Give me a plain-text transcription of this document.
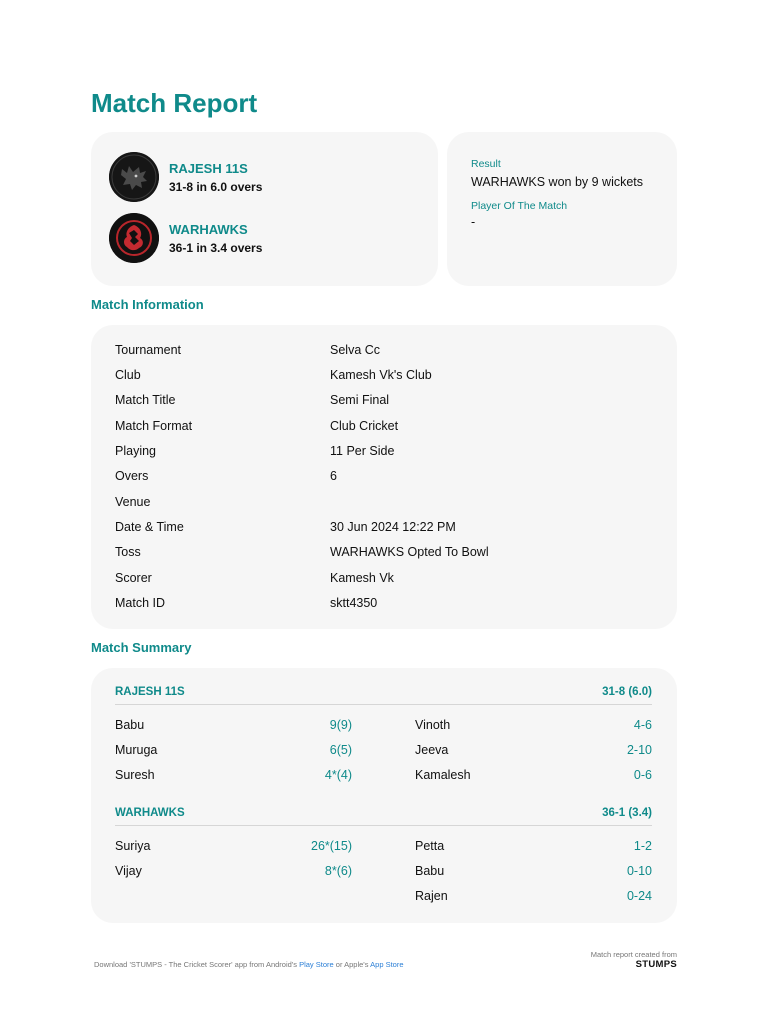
Match Report
RAJESH 11S
31-8 in 6.0 overs
WARHAWKS
36-1 in 3.4 overs
Result
WARHAWKS won by 9 wickets
Player Of The Match
-
Match Information
Tournament	Selva Cc
Club	Kamesh Vk's Club
Match Title	Semi Final
Match Format	Club Cricket
Playing	11 Per Side
Overs	6
Venue
Date & Time	30 Jun 2024 12:22 PM
Toss	WARHAWKS Opted To Bowl
Scorer	Kamesh Vk
Match ID	sktt4350
Match Summary
RAJESH 11S	31-8 (6.0)
Babu	9(9)
Muruga	6(5)
Suresh	4*(4)
Vinoth	4-6
Jeeva	2-10
Kamalesh	0-6
WARHAWKS	36-1 (3.4)
Suriya	26*(15)
Vijay	8*(6)
Petta	1-2
Babu	0-10
Rajen	0-24
Download 'STUMPS - The Cricket Scorer' app from Android's Play Store or Apple's App Store
Match report created from
STUMPS
